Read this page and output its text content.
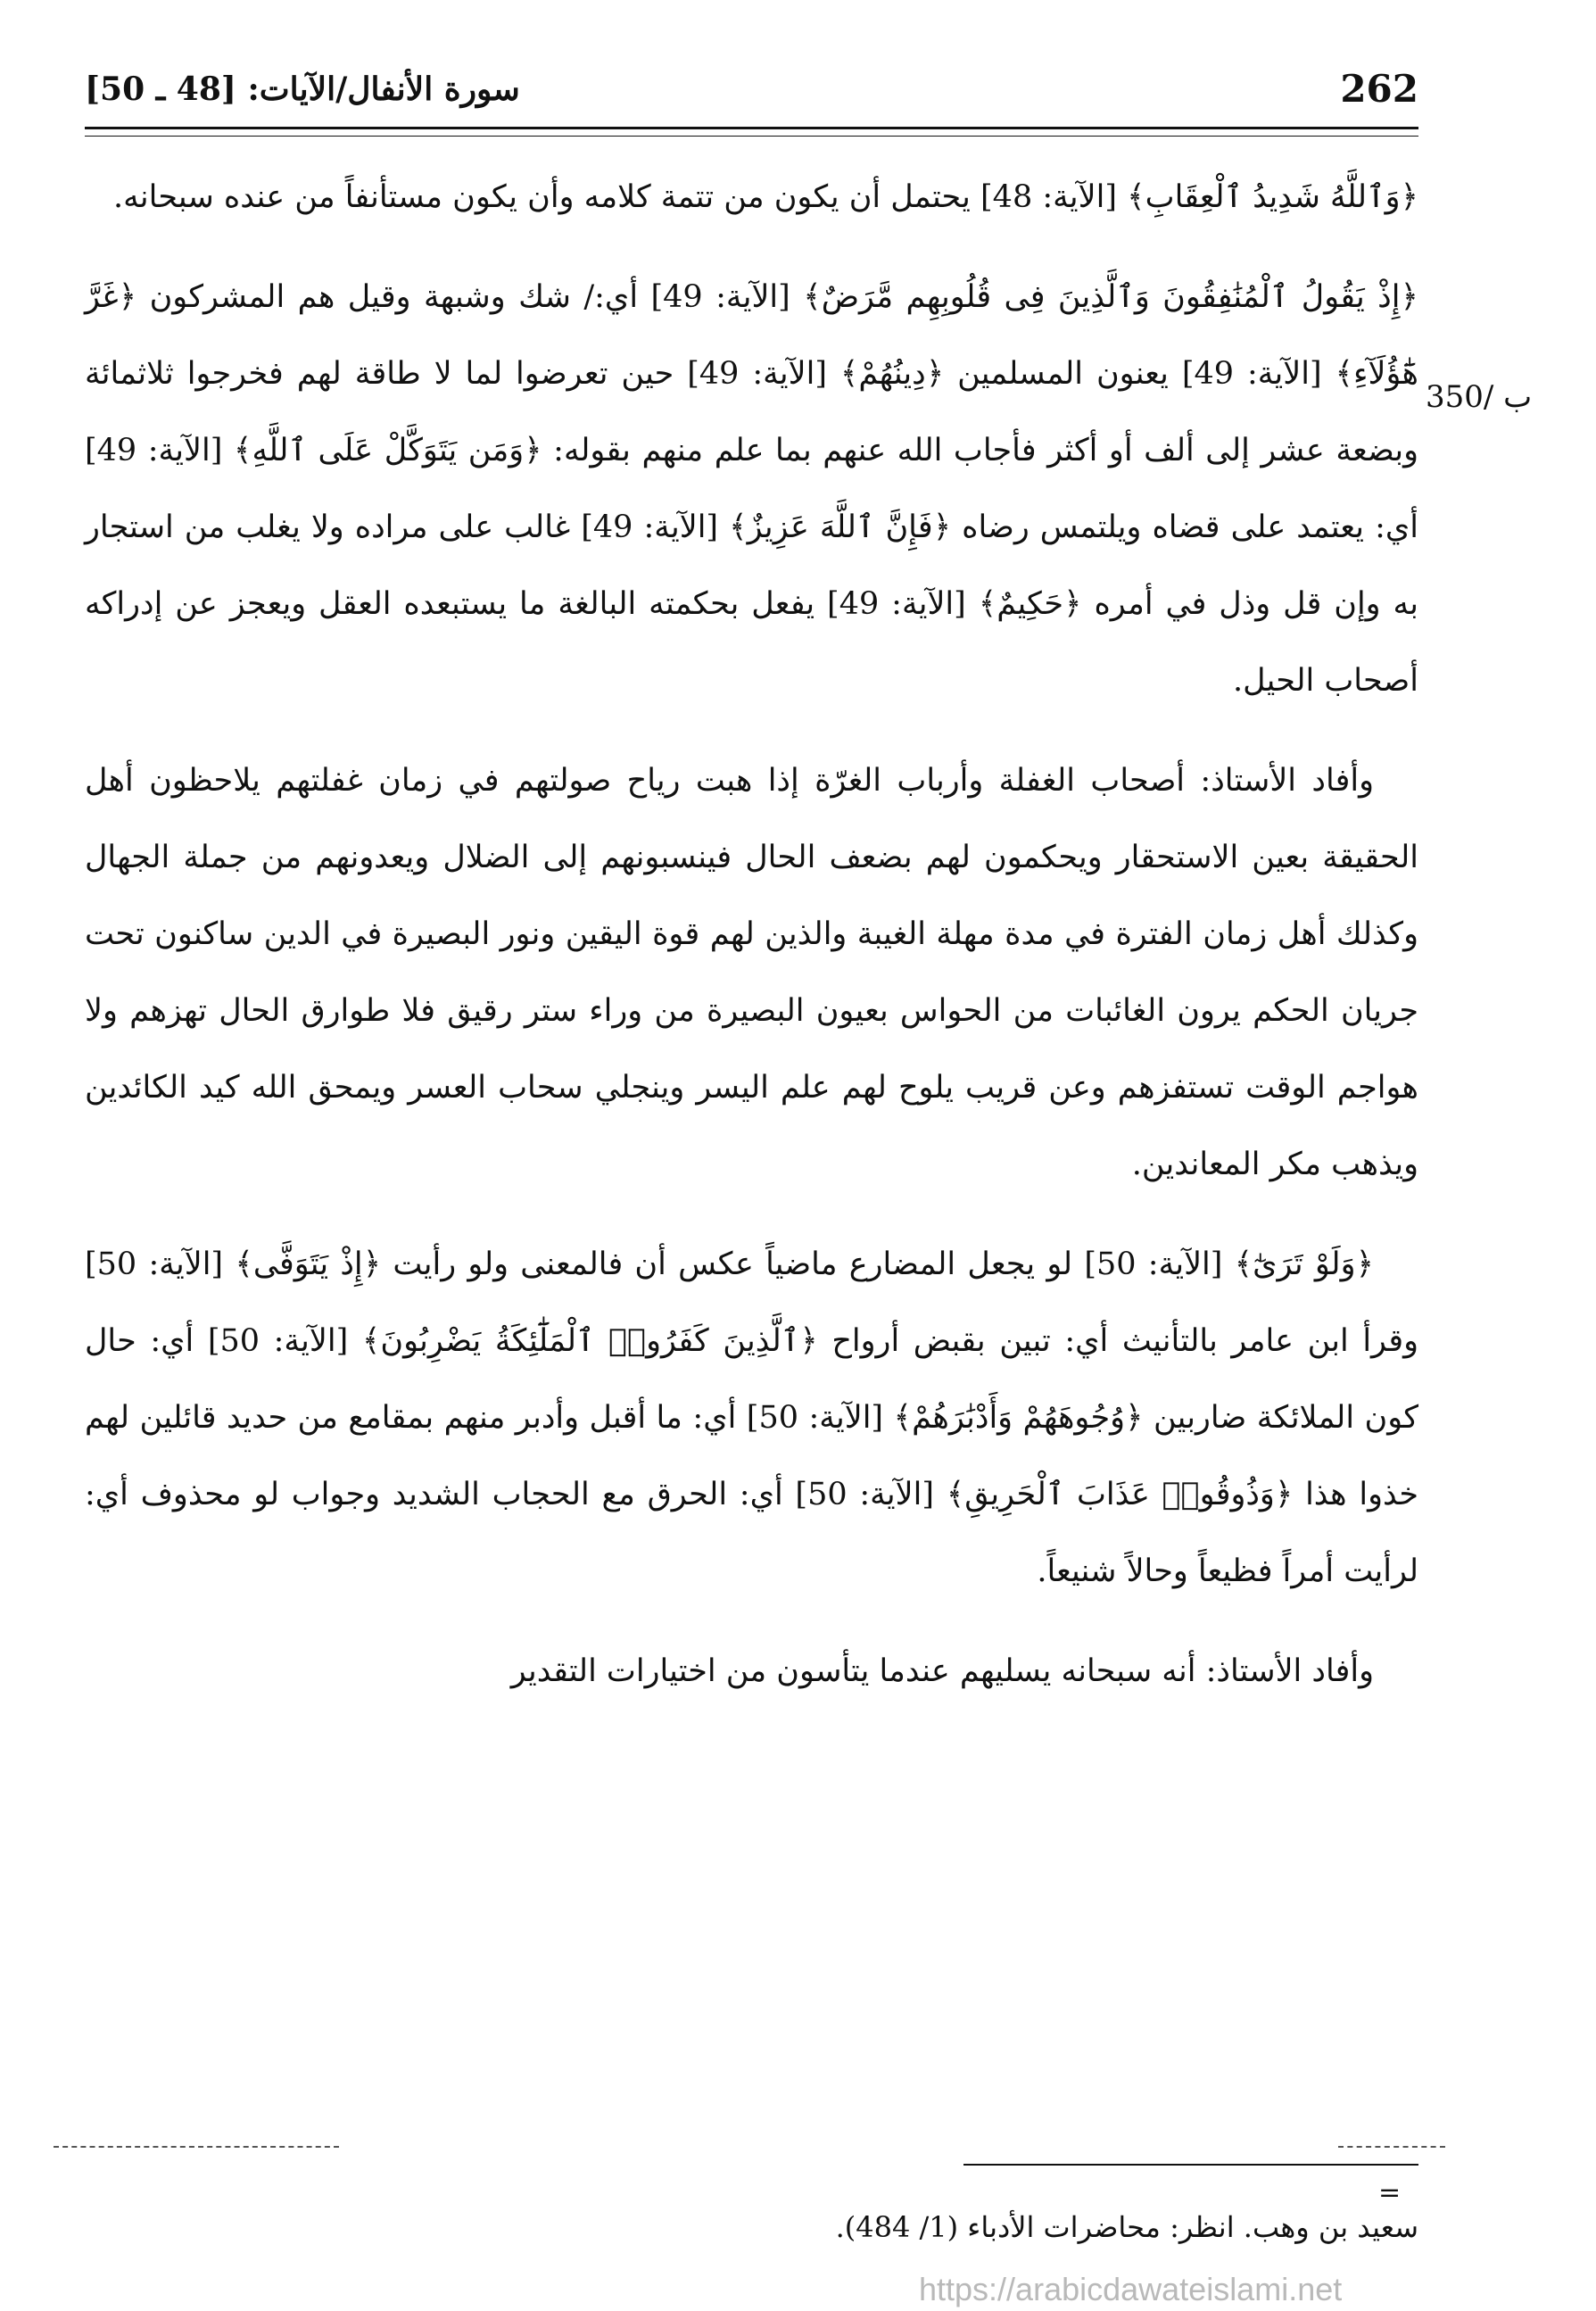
262
سورة الأنفال/الآيات: [48 ـ 50]
350/ ب

﴿وَٱللَّهُ شَدِيدُ ٱلْعِقَابِ﴾ [الآية: 48] يحتمل أن يكون من تتمة كلامه وأن يكون مستأنفاً من عنده سبحانه.

﴿إِذْ يَقُولُ ٱلْمُنَٰفِقُونَ وَٱلَّذِينَ فِى قُلُوبِهِم مَّرَضٌ﴾ [الآية: 49] أي:/ شك وشبهة وقيل هم المشركون ﴿غَرَّ هَٰٓؤُلَآءِ﴾ [الآية: 49] يعنون المسلمين ﴿دِينُهُمْ﴾ [الآية: 49] حين تعرضوا لما لا طاقة لهم فخرجوا ثلاثمائة وبضعة عشر إلى ألف أو أكثر فأجاب الله عنهم بما علم منهم بقوله: ﴿وَمَن يَتَوَكَّلْ عَلَى ٱللَّهِ﴾ [الآية: 49] أي: يعتمد على قضاه ويلتمس رضاه ﴿فَإِنَّ ٱللَّهَ عَزِيزٌ﴾ [الآية: 49] غالب على مراده ولا يغلب من استجار به وإن قل وذل في أمره ﴿حَكِيمٌ﴾ [الآية: 49] يفعل بحكمته البالغة ما يستبعده العقل ويعجز عن إدراكه أصحاب الحيل.

وأفاد الأستاذ: أصحاب الغفلة وأرباب الغرّة إذا هبت رياح صولتهم في زمان غفلتهم يلاحظون أهل الحقيقة بعين الاستحقار ويحكمون لهم بضعف الحال فينسبونهم إلى الضلال ويعدونهم من جملة الجهال وكذلك أهل زمان الفترة في مدة مهلة الغيبة والذين لهم قوة اليقين ونور البصيرة في الدين ساكنون تحت جريان الحكم يرون الغائبات من الحواس بعيون البصيرة من وراء ستر رقيق فلا طوارق الحال تهزهم ولا هواجم الوقت تستفزهم وعن قريب يلوح لهم علم اليسر وينجلي سحاب العسر ويمحق الله كيد الكائدين ويذهب مكر المعاندين.

﴿وَلَوْ تَرَىٰٓ﴾ [الآية: 50] لو يجعل المضارع ماضياً عكس أن فالمعنى ولو رأيت ﴿إِذْ يَتَوَفَّى﴾ [الآية: 50] وقرأ ابن عامر بالتأنيث أي: تبين بقبض أرواح ﴿ٱلَّذِينَ كَفَرُوا۟ ٱلْمَلَٰٓئِكَةُ يَضْرِبُونَ﴾ [الآية: 50] أي: حال كون الملائكة ضاربين ﴿وُجُوهَهُمْ وَأَدْبَٰرَهُمْ﴾ [الآية: 50] أي: ما أقبل وأدبر منهم بمقامع من حديد قائلين لهم خذوا هذا ﴿وَذُوقُوا۟ عَذَابَ ٱلْحَرِيقِ﴾ [الآية: 50] أي: الحرق مع الحجاب الشديد وجواب لو محذوف أي: لرأيت أمراً فظيعاً وحالاً شنيعاً.

وأفاد الأستاذ: أنه سبحانه يسليهم عندما يتأسون من اختيارات التقدير

=
سعيد بن وهب. انظر: محاضرات الأدباء (1/ 484).
https://arabicdawateislami.net
